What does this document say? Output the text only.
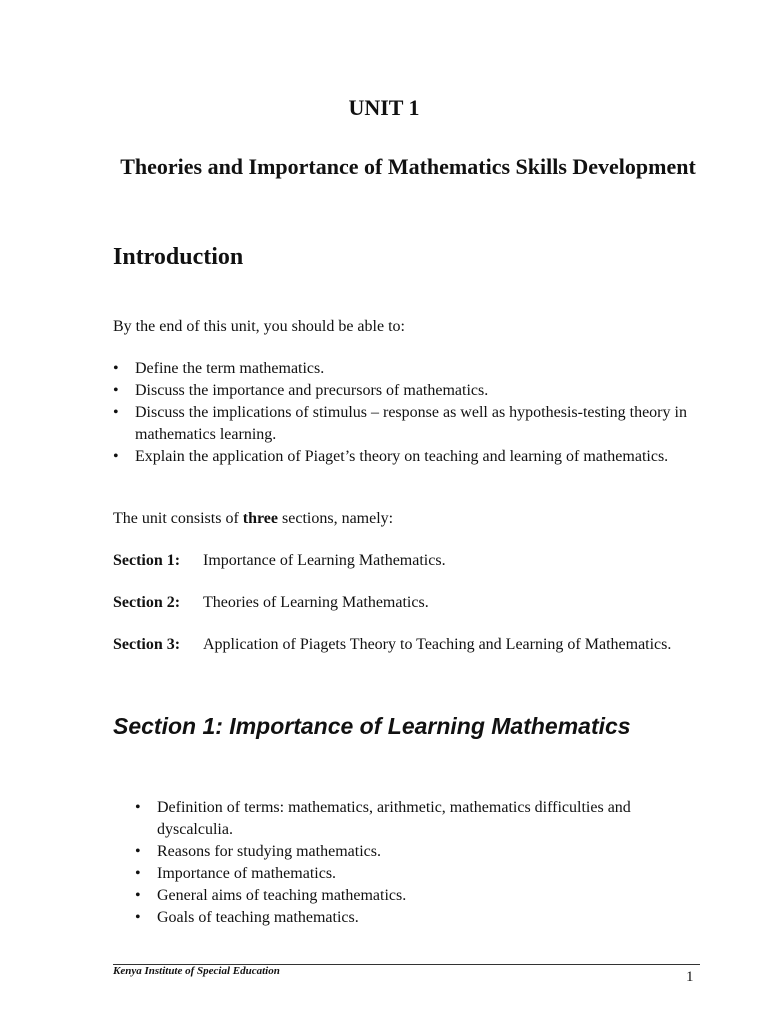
UNIT 1
Theories and Importance of Mathematics Skills Development
Introduction
By the end of this unit, you should be able to:
•	Define the term mathematics.
•	Discuss the importance and precursors of mathematics.
•	Discuss the implications of stimulus – response as well as hypothesis-testing theory in mathematics learning.
•	Explain the application of Piaget’s theory on teaching and learning of mathematics.
The unit consists of three sections, namely:
Section 1:	Importance of Learning Mathematics.
Section 2:	Theories of Learning Mathematics.
Section 3:	Application of Piagets Theory to Teaching and Learning of Mathematics.
Section 1: Importance of Learning Mathematics
•	Definition of terms: mathematics, arithmetic, mathematics difficulties and dyscalculia.
•	Reasons for studying mathematics.
•	Importance of mathematics.
•	General aims of teaching mathematics.
•	Goals of teaching mathematics.
Kenya Institute of Special Education	1
